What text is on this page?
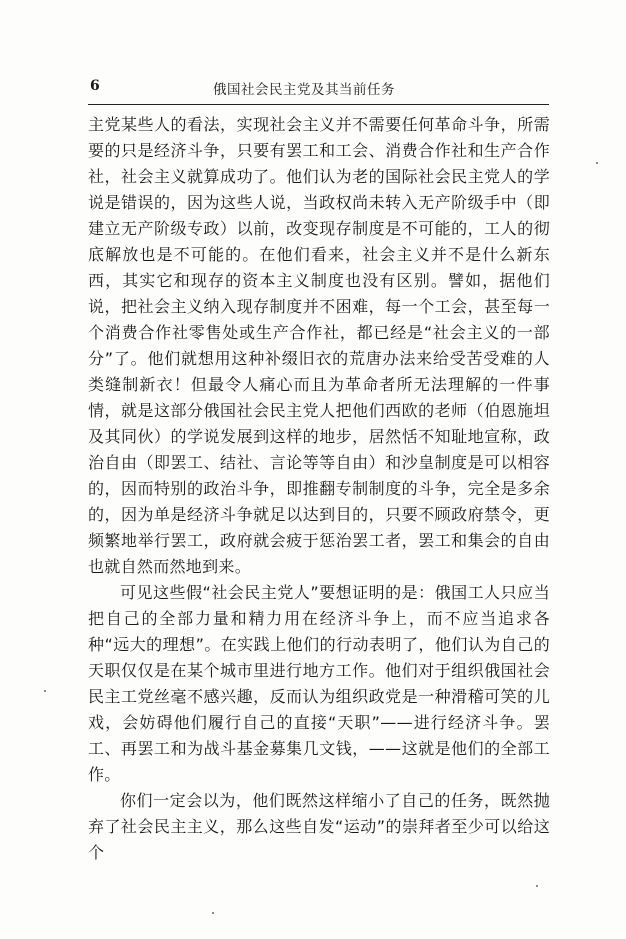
6	俄国社会民主党及其当前任务

主党某些人的看法，实现社会主义并不需要任何革命斗争，所需要的只是经济斗争，只要有罢工和工会、消费合作社和生产合作社，社会主义就算成功了。他们认为老的国际社会民主党人的学说是错误的，因为这些人说，当政权尚未转入无产阶级手中（即建立无产阶级专政）以前，改变现存制度是不可能的，工人的彻底解放也是不可能的。在他们看来，社会主义并不是什么新东西，其实它和现存的资本主义制度也没有区别。譬如，据他们说，把社会主义纳入现存制度并不困难，每一个工会，甚至每一个消费合作社零售处或生产合作社，都已经是“社会主义的一部分”了。他们就想用这种补缀旧衣的荒唐办法来给受苦受难的人类缝制新衣！但最令人痛心而且为革命者所无法理解的一件事情，就是这部分俄国社会民主党人把他们西欧的老师（伯恩施坦及其同伙）的学说发展到这样的地步，居然恬不知耻地宣称，政治自由（即罢工、结社、言论等等自由）和沙皇制度是可以相容的，因而特别的政治斗争，即推翻专制制度的斗争，完全是多余的，因为单是经济斗争就足以达到目的，只要不顾政府禁令，更频繁地举行罢工，政府就会疲于惩治罢工者，罢工和集会的自由也就自然而然地到来。

可见这些假“社会民主党人”要想证明的是：俄国工人只应当把自己的全部力量和精力用在经济斗争上，而不应当追求各种“远大的理想”。在实践上他们的行动表明了，他们认为自己的天职仅仅是在某个城市里进行地方工作。他们对于组织俄国社会民主工党丝毫不感兴趣，反而认为组织政党是一种滑稽可笑的儿戏，会妨碍他们履行自己的直接“天职”——进行经济斗争。罢工、再罢工和为战斗基金募集几文钱，——这就是他们的全部工作。

你们一定会以为，他们既然这样缩小了自己的任务，既然抛弃了社会民主主义，那么这些自发“运动”的崇拜者至少可以给这个
